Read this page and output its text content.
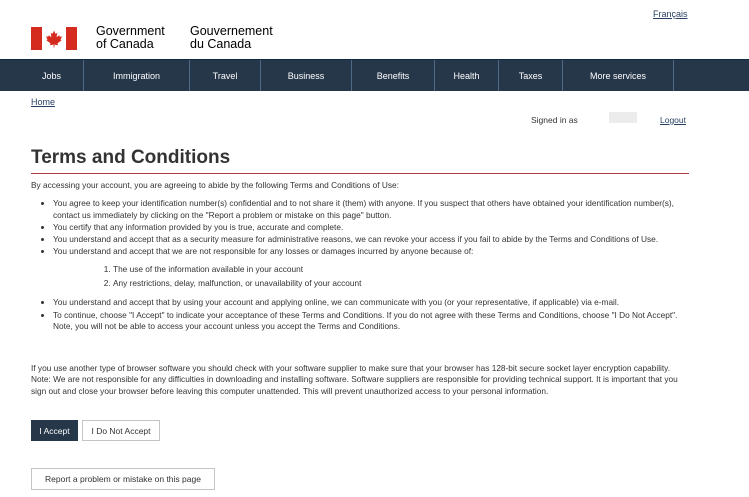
Français
Government
of Canada
Gouvernement
du Canada
Jobs	Immigration	Travel	Business	Benefits	Health	Taxes	More services
Home
Signed in as	Logout
Terms and Conditions

By accessing your account, you are agreeing to abide by the following Terms and Conditions of Use:

• You agree to keep your identification number(s) confidential and to not share it (them) with anyone. If you suspect that others have obtained your identification number(s), contact us immediately by clicking on the "Report a problem or mistake on this page" button.
• You certify that any information provided by you is true, accurate and complete.
• You understand and accept that as a security measure for administrative reasons, we can revoke your access if you fail to abide by the Terms and Conditions of Use.
• You understand and accept that we are not responsible for any losses or damages incurred by anyone because of:
1. The use of the information available in your account
2. Any restrictions, delay, malfunction, or unavailability of your account
• You understand and accept that by using your account and applying online, we can communicate with you (or your representative, if applicable) via e-mail.
• To continue, choose "I Accept" to indicate your acceptance of these Terms and Conditions. If you do not agree with these Terms and Conditions, choose "I Do Not Accept". Note, you will not be able to access your account unless you accept the Terms and Conditions.

If you use another type of browser software you should check with your software supplier to make sure that your browser has 128-bit secure socket layer encryption capability. Note: We are not responsible for any difficulties in downloading and installing software. Software suppliers are responsible for providing technical support. It is important that you sign out and close your browser before leaving this computer unattended. This will prevent unauthorized access to your personal information.

I Accept	I Do Not Accept
Report a problem or mistake on this page
